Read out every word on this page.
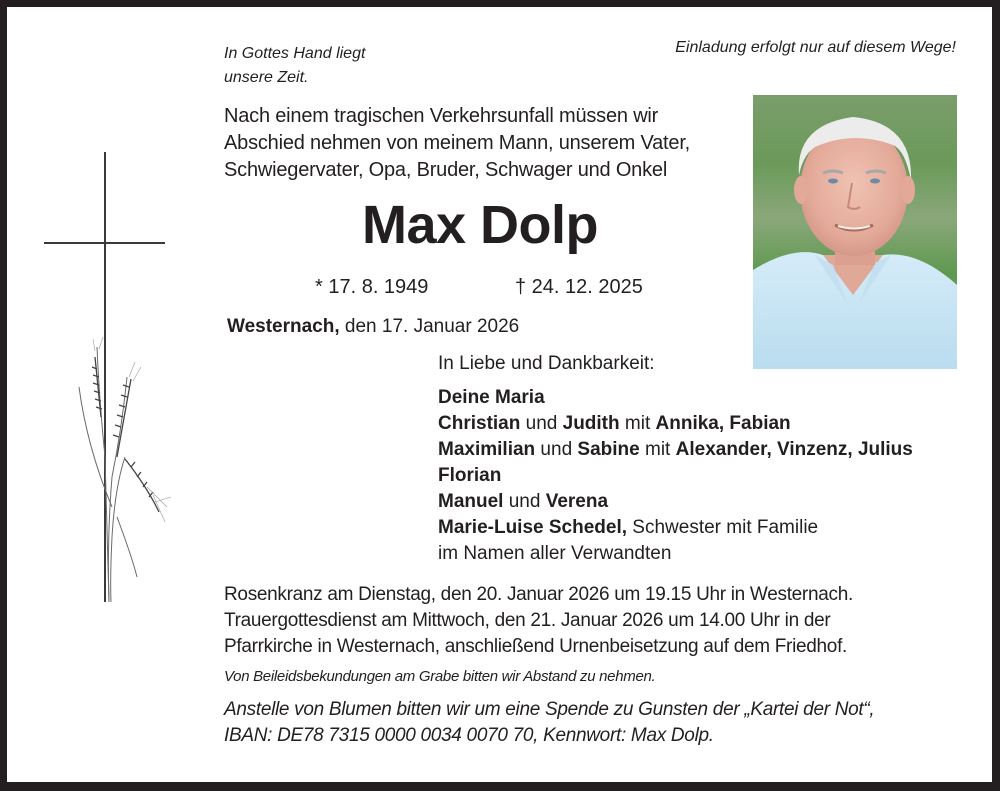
In Gottes Hand liegt
unsere Zeit.
Einladung erfolgt nur auf diesem Wege!
Nach einem tragischen Verkehrsunfall müssen wir
Abschied nehmen von meinem Mann, unserem Vater,
Schwiegervater, Opa, Bruder, Schwager und Onkel
Max Dolp
* 17. 8. 1949	† 24. 12. 2025
Westernach, den 17. Januar 2026
In Liebe und Dankbarkeit:
Deine Maria
Christian und Judith mit Annika, Fabian
Maximilian und Sabine mit Alexander, Vinzenz, Julius
Florian
Manuel und Verena
Marie-Luise Schedel, Schwester mit Familie
im Namen aller Verwandten
Rosenkranz am Dienstag, den 20. Januar 2026 um 19.15 Uhr in Westernach.
Trauergottesdienst am Mittwoch, den 21. Januar 2026 um 14.00 Uhr in der
Pfarrkirche in Westernach, anschließend Urnenbeisetzung auf dem Friedhof.
Von Beileidsbekundungen am Grabe bitten wir Abstand zu nehmen.
Anstelle von Blumen bitten wir um eine Spende zu Gunsten der „Kartei der Not“,
IBAN: DE78 7315 0000 0034 0070 70, Kennwort: Max Dolp.
